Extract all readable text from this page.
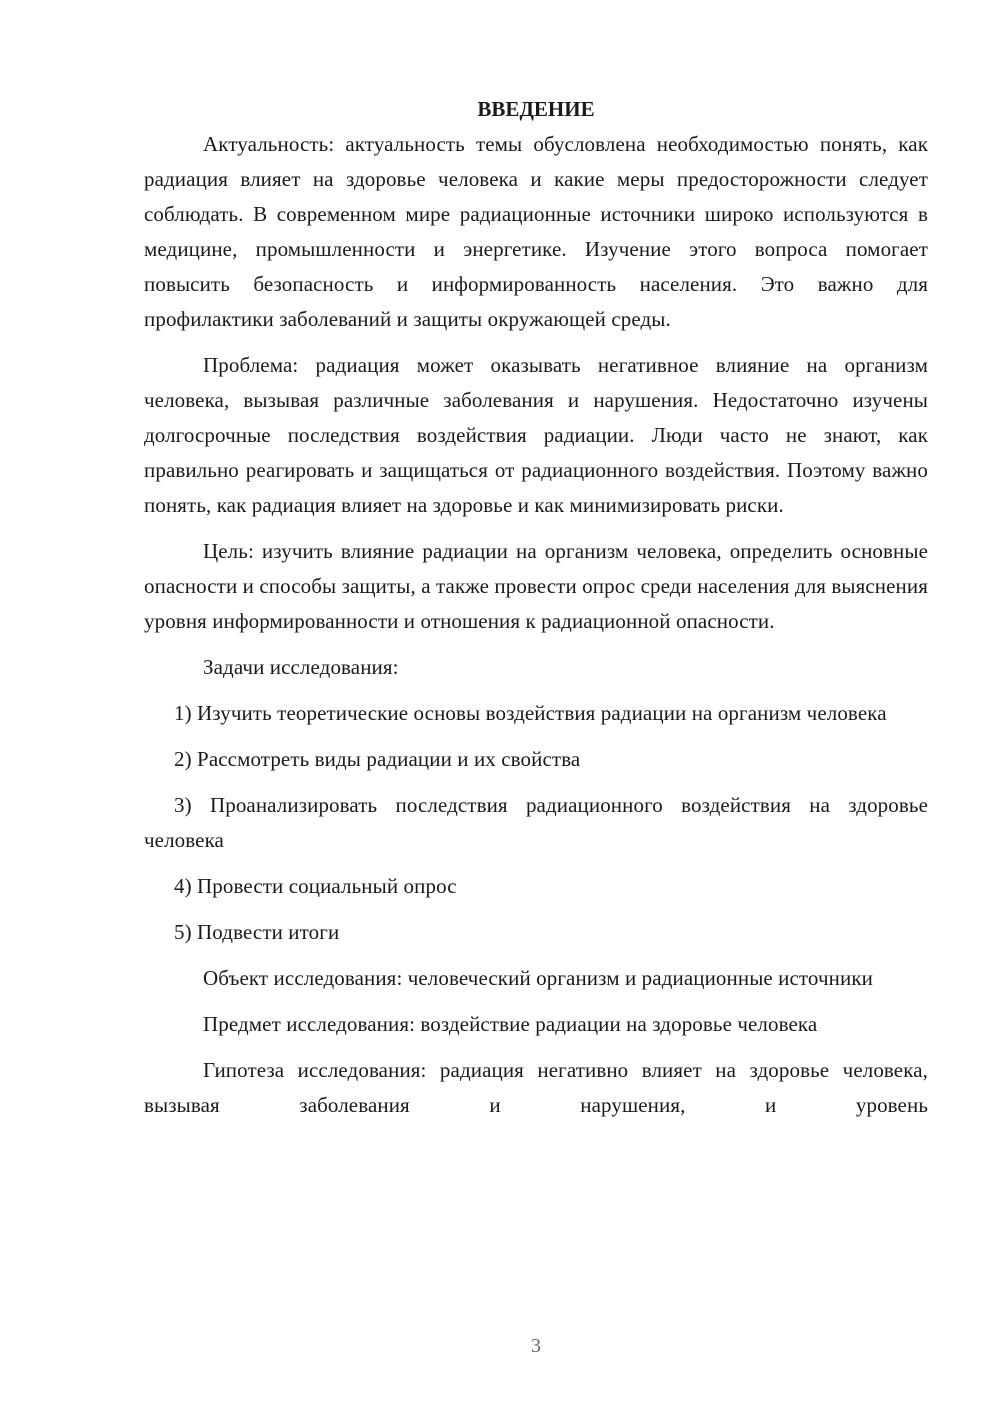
ВВЕДЕНИЕ

Актуальность: актуальность темы обусловлена необходимостью понять, как радиация влияет на здоровье человека и какие меры предосторожности следует соблюдать. В современном мире радиационные источники широко используются в медицине, промышленности и энергетике. Изучение этого вопроса помогает повысить безопасность и информированность населения. Это важно для профилактики заболеваний и защиты окружающей среды.

Проблема: радиация может оказывать негативное влияние на организм человека, вызывая различные заболевания и нарушения. Недостаточно изучены долгосрочные последствия воздействия радиации. Люди часто не знают, как правильно реагировать и защищаться от радиационного воздействия. Поэтому важно понять, как радиация влияет на здоровье и как минимизировать риски.

Цель: изучить влияние радиации на организм человека, определить основные опасности и способы защиты, а также провести опрос среди населения для выяснения уровня информированности и отношения к радиационной опасности.

Задачи исследования:

1) Изучить теоретические основы воздействия радиации на организм человека

2) Рассмотреть виды радиации и их свойства

3) Проанализировать последствия радиационного воздействия на здоровье человека

4) Провести социальный опрос

5) Подвести итоги

Объект исследования: человеческий организм и радиационные источники

Предмет исследования: воздействие радиации на здоровье человека

Гипотеза исследования: радиация негативно влияет на здоровье человека, вызывая заболевания и нарушения, и уровень

3
